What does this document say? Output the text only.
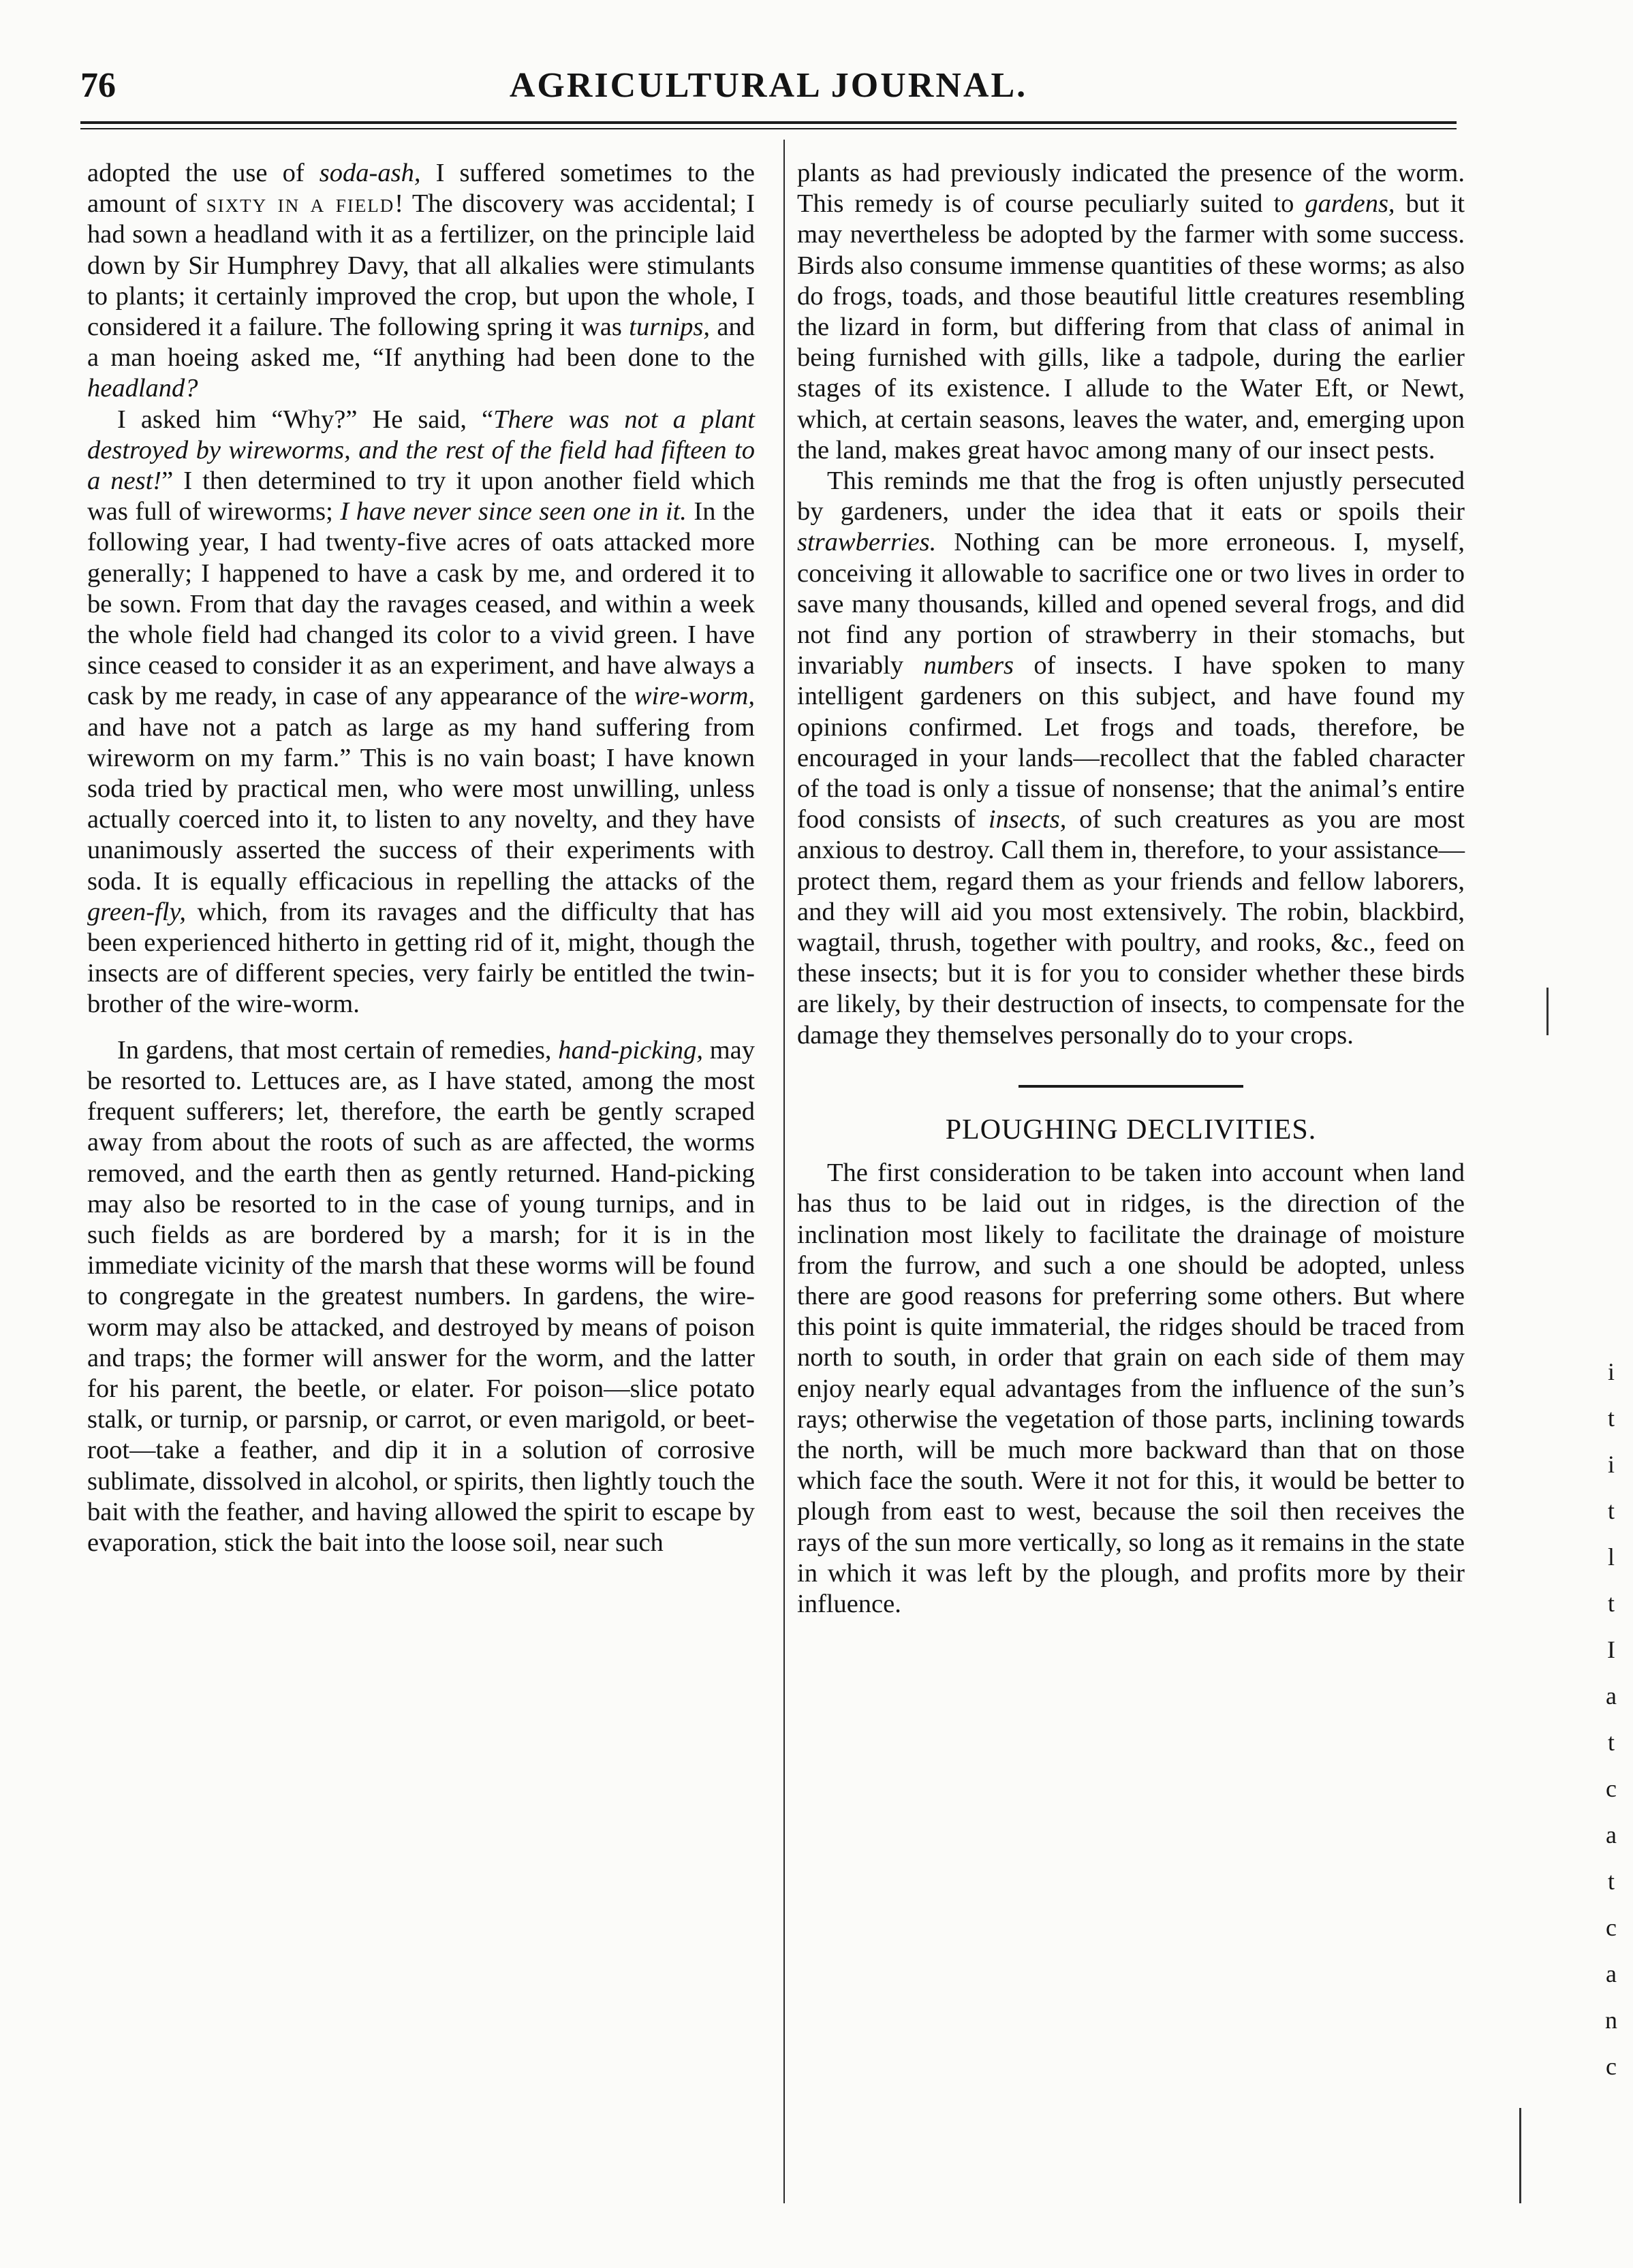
76	AGRICULTURAL JOURNAL.

adopted the use of soda-ash, I suffered sometimes to the amount of sixty in a field! The discovery was accidental; I had sown a headland with it as a fertilizer, on the principle laid down by Sir Humphrey Davy, that all alkalies were stimulants to plants; it certainly improved the crop, but upon the whole, I considered it a failure. The following spring it was turnips, and a man hoeing asked me, “If anything had been done to the headland?

I asked him “Why?” He said, “There was not a plant destroyed by wireworms, and the rest of the field had fifteen to a nest!” I then determined to try it upon another field which was full of wireworms; I have never since seen one in it. In the following year, I had twenty-five acres of oats attacked more generally; I happened to have a cask by me, and ordered it to be sown. From that day the ravages ceased, and within a week the whole field had changed its color to a vivid green. I have since ceased to consider it as an experiment, and have always a cask by me ready, in case of any appearance of the wire-worm, and have not a patch as large as my hand suffering from wireworm on my farm.” This is no vain boast; I have known soda tried by practical men, who were most unwilling, unless actually coerced into it, to listen to any novelty, and they have unanimously asserted the success of their experiments with soda. It is equally efficacious in repelling the attacks of the green-fly, which, from its ravages and the difficulty that has been experienced hitherto in getting rid of it, might, though the insects are of different species, very fairly be entitled the twin-brother of the wire-worm.

In gardens, that most certain of remedies, hand-picking, may be resorted to. Lettuces are, as I have stated, among the most frequent sufferers; let, therefore, the earth be gently scraped away from about the roots of such as are affected, the worms removed, and the earth then as gently returned. Hand-picking may also be resorted to in the case of young turnips, and in such fields as are bordered by a marsh; for it is in the immediate vicinity of the marsh that these worms will be found to congregate in the greatest numbers. In gardens, the wire-worm may also be attacked, and destroyed by means of poison and traps; the former will answer for the worm, and the latter for his parent, the beetle, or elater. For poison—slice potato stalk, or turnip, or parsnip, or carrot, or even marigold, or beet-root—take a feather, and dip it in a solution of corrosive sublimate, dissolved in alcohol, or spirits, then lightly touch the bait with the feather, and having allowed the spirit to escape by evaporation, stick the bait into the loose soil, near such

plants as had previously indicated the presence of the worm. This remedy is of course peculiarly suited to gardens, but it may nevertheless be adopted by the farmer with some success. Birds also consume immense quantities of these worms; as also do frogs, toads, and those beautiful little creatures resembling the lizard in form, but differing from that class of animal in being furnished with gills, like a tadpole, during the earlier stages of its existence. I allude to the Water Eft, or Newt, which, at certain seasons, leaves the water, and, emerging upon the land, makes great havoc among many of our insect pests.

This reminds me that the frog is often unjustly persecuted by gardeners, under the idea that it eats or spoils their strawberries. Nothing can be more erroneous. I, myself, conceiving it allowable to sacrifice one or two lives in order to save many thousands, killed and opened several frogs, and did not find any portion of strawberry in their stomachs, but invariably numbers of insects. I have spoken to many intelligent gardeners on this subject, and have found my opinions confirmed. Let frogs and toads, therefore, be encouraged in your lands—recollect that the fabled character of the toad is only a tissue of nonsense; that the animal’s entire food consists of insects, of such creatures as you are most anxious to destroy. Call them in, therefore, to your assistance—protect them, regard them as your friends and fellow laborers, and they will aid you most extensively. The robin, blackbird, wagtail, thrush, together with poultry, and rooks, &c., feed on these insects; but it is for you to consider whether these birds are likely, by their destruction of insects, to compensate for the damage they themselves personally do to your crops.

PLOUGHING DECLIVITIES.

The first consideration to be taken into account when land has thus to be laid out in ridges, is the direction of the inclination most likely to facilitate the drainage of moisture from the furrow, and such a one should be adopted, unless there are good reasons for preferring some others. But where this point is quite immaterial, the ridges should be traced from north to south, in order that grain on each side of them may enjoy nearly equal advantages from the influence of the sun’s rays; otherwise the vegetation of those parts, inclining towards the north, will be much more backward than that on those which face the south. Were it not for this, it would be better to plough from east to west, because the soil then receives the rays of the sun more vertically, so long as it remains in the state in which it was left by the plough, and profits more by their influence.

i
t
i
t
l
t
I
a
t
c
a
t
c
a
n
c
